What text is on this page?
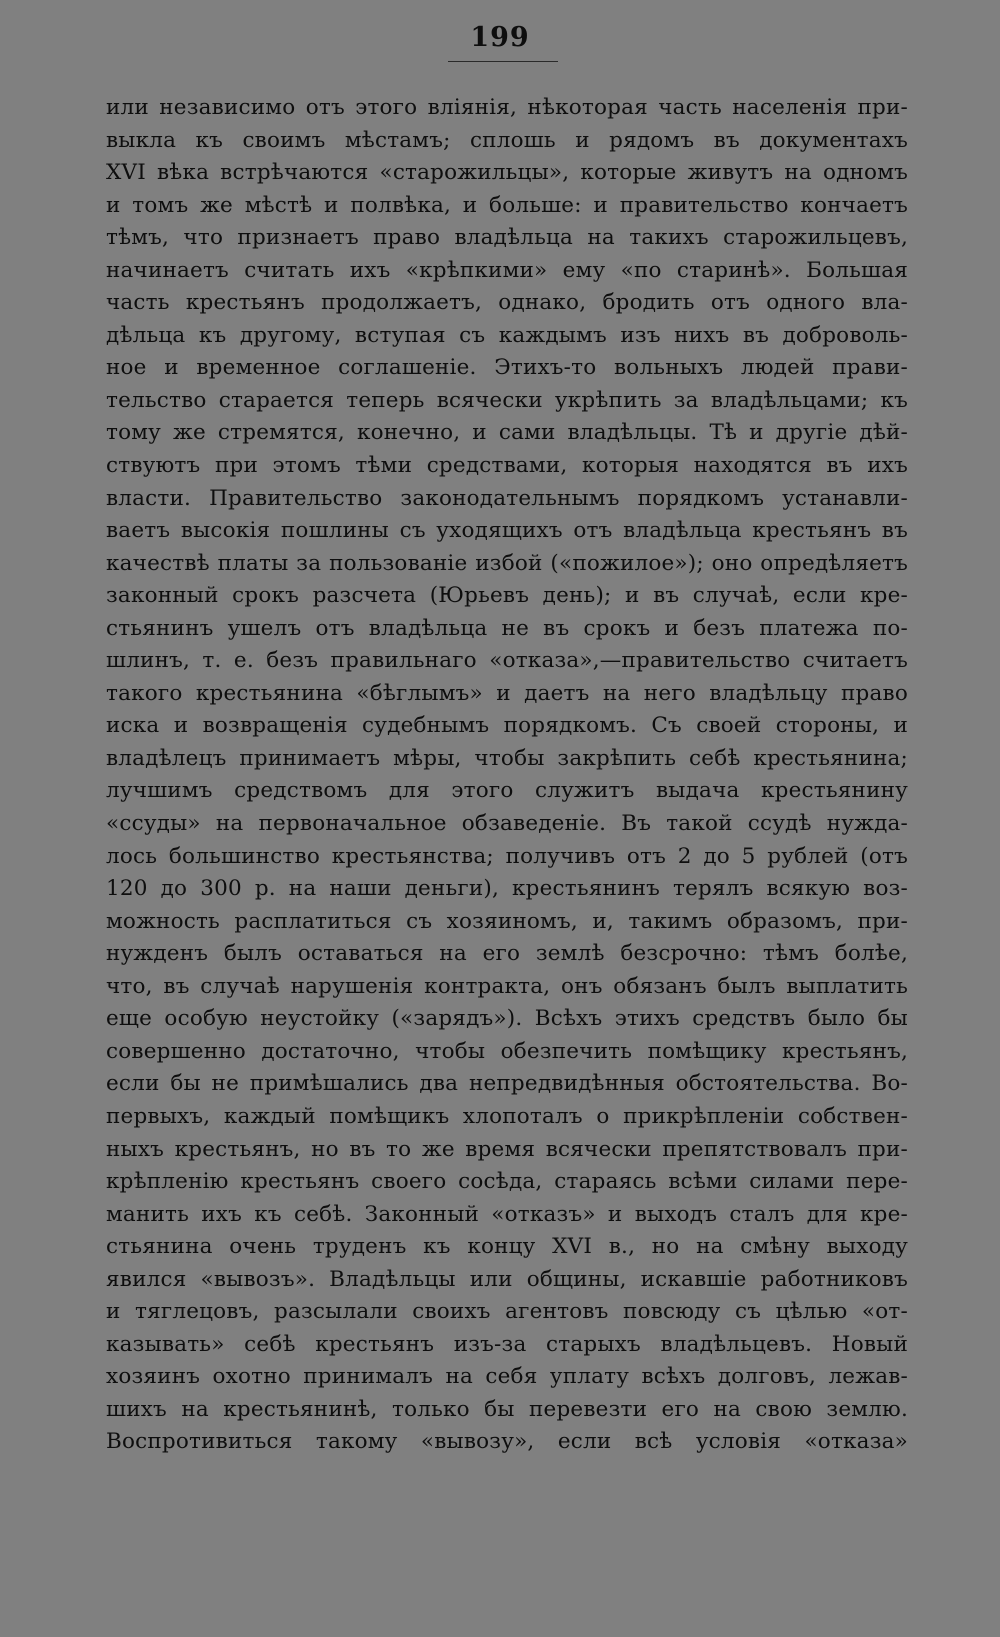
199
или независимо отъ этого вліянія, нѣкоторая часть населенія при-
выкла къ своимъ мѣстамъ; сплошь и рядомъ въ документахъ
XVI вѣка встрѣчаются «старожильцы», которые живутъ на одномъ
и томъ же мѣстѣ и полвѣка, и больше: и правительство кончаетъ
тѣмъ, что признаетъ право владѣльца на такихъ старожильцевъ,
начинаетъ считать ихъ «крѣпкими» ему «по старинѣ». Большая
часть крестьянъ продолжаетъ, однако, бродить отъ одного вла-
дѣльца къ другому, вступая съ каждымъ изъ нихъ въ доброволь-
ное и временное соглашеніе. Этихъ-то вольныхъ людей прави-
тельство старается теперь всячески укрѣпить за владѣльцами; къ
тому же стремятся, конечно, и сами владѣльцы. Тѣ и другіе дѣй-
ствуютъ при этомъ тѣми средствами, которыя находятся въ ихъ
власти. Правительство законодательнымъ порядкомъ устанавли-
ваетъ высокія пошлины съ уходящихъ отъ владѣльца крестьянъ въ
качествѣ платы за пользованіе избой («пожилое»); оно опредѣляетъ
законный срокъ разсчета (Юрьевъ день); и въ случаѣ, если кре-
стьянинъ ушелъ отъ владѣльца не въ срокъ и безъ платежа по-
шлинъ, т. е. безъ правильнаго «отказа»,—правительство считаетъ
такого крестьянина «бѣглымъ» и даетъ на него владѣльцу право
иска и возвращенія судебнымъ порядкомъ. Съ своей стороны, и
владѣлецъ принимаетъ мѣры, чтобы закрѣпить себѣ крестьянина;
лучшимъ средствомъ для этого служитъ выдача крестьянину
«ссуды» на первоначальное обзаведеніе. Въ такой ссудѣ нужда-
лось большинство крестьянства; получивъ отъ 2 до 5 рублей (отъ
120 до 300 р. на наши деньги), крестьянинъ терялъ всякую воз-
можность расплатиться съ хозяиномъ, и, такимъ образомъ, при-
нужденъ былъ оставаться на его землѣ безсрочно: тѣмъ болѣе,
что, въ случаѣ нарушенія контракта, онъ обязанъ былъ выплатить
еще особую неустойку («зарядъ»). Всѣхъ этихъ средствъ было бы
совершенно достаточно, чтобы обезпечить помѣщику крестьянъ,
если бы не примѣшались два непредвидѣнныя обстоятельства. Во-
первыхъ, каждый помѣщикъ хлопоталъ о прикрѣпленіи собствен-
ныхъ крестьянъ, но въ то же время всячески препятствовалъ при-
крѣпленію крестьянъ своего сосѣда, стараясь всѣми силами пере-
манить ихъ къ себѣ. Законный «отказъ» и выходъ сталъ для кре-
стьянина очень труденъ къ концу XVI в., но на смѣну выходу
явился «вывозъ». Владѣльцы или общины, искавшіе работниковъ
и тяглецовъ, разсылали своихъ агентовъ повсюду съ цѣлью «от-
казывать» себѣ крестьянъ изъ-за старыхъ владѣльцевъ. Новый
хозяинъ охотно принималъ на себя уплату всѣхъ долговъ, лежав-
шихъ на крестьянинѣ, только бы перевезти его на свою землю.
Воспротивиться такому «вывозу», если всѣ условія «отказа»
